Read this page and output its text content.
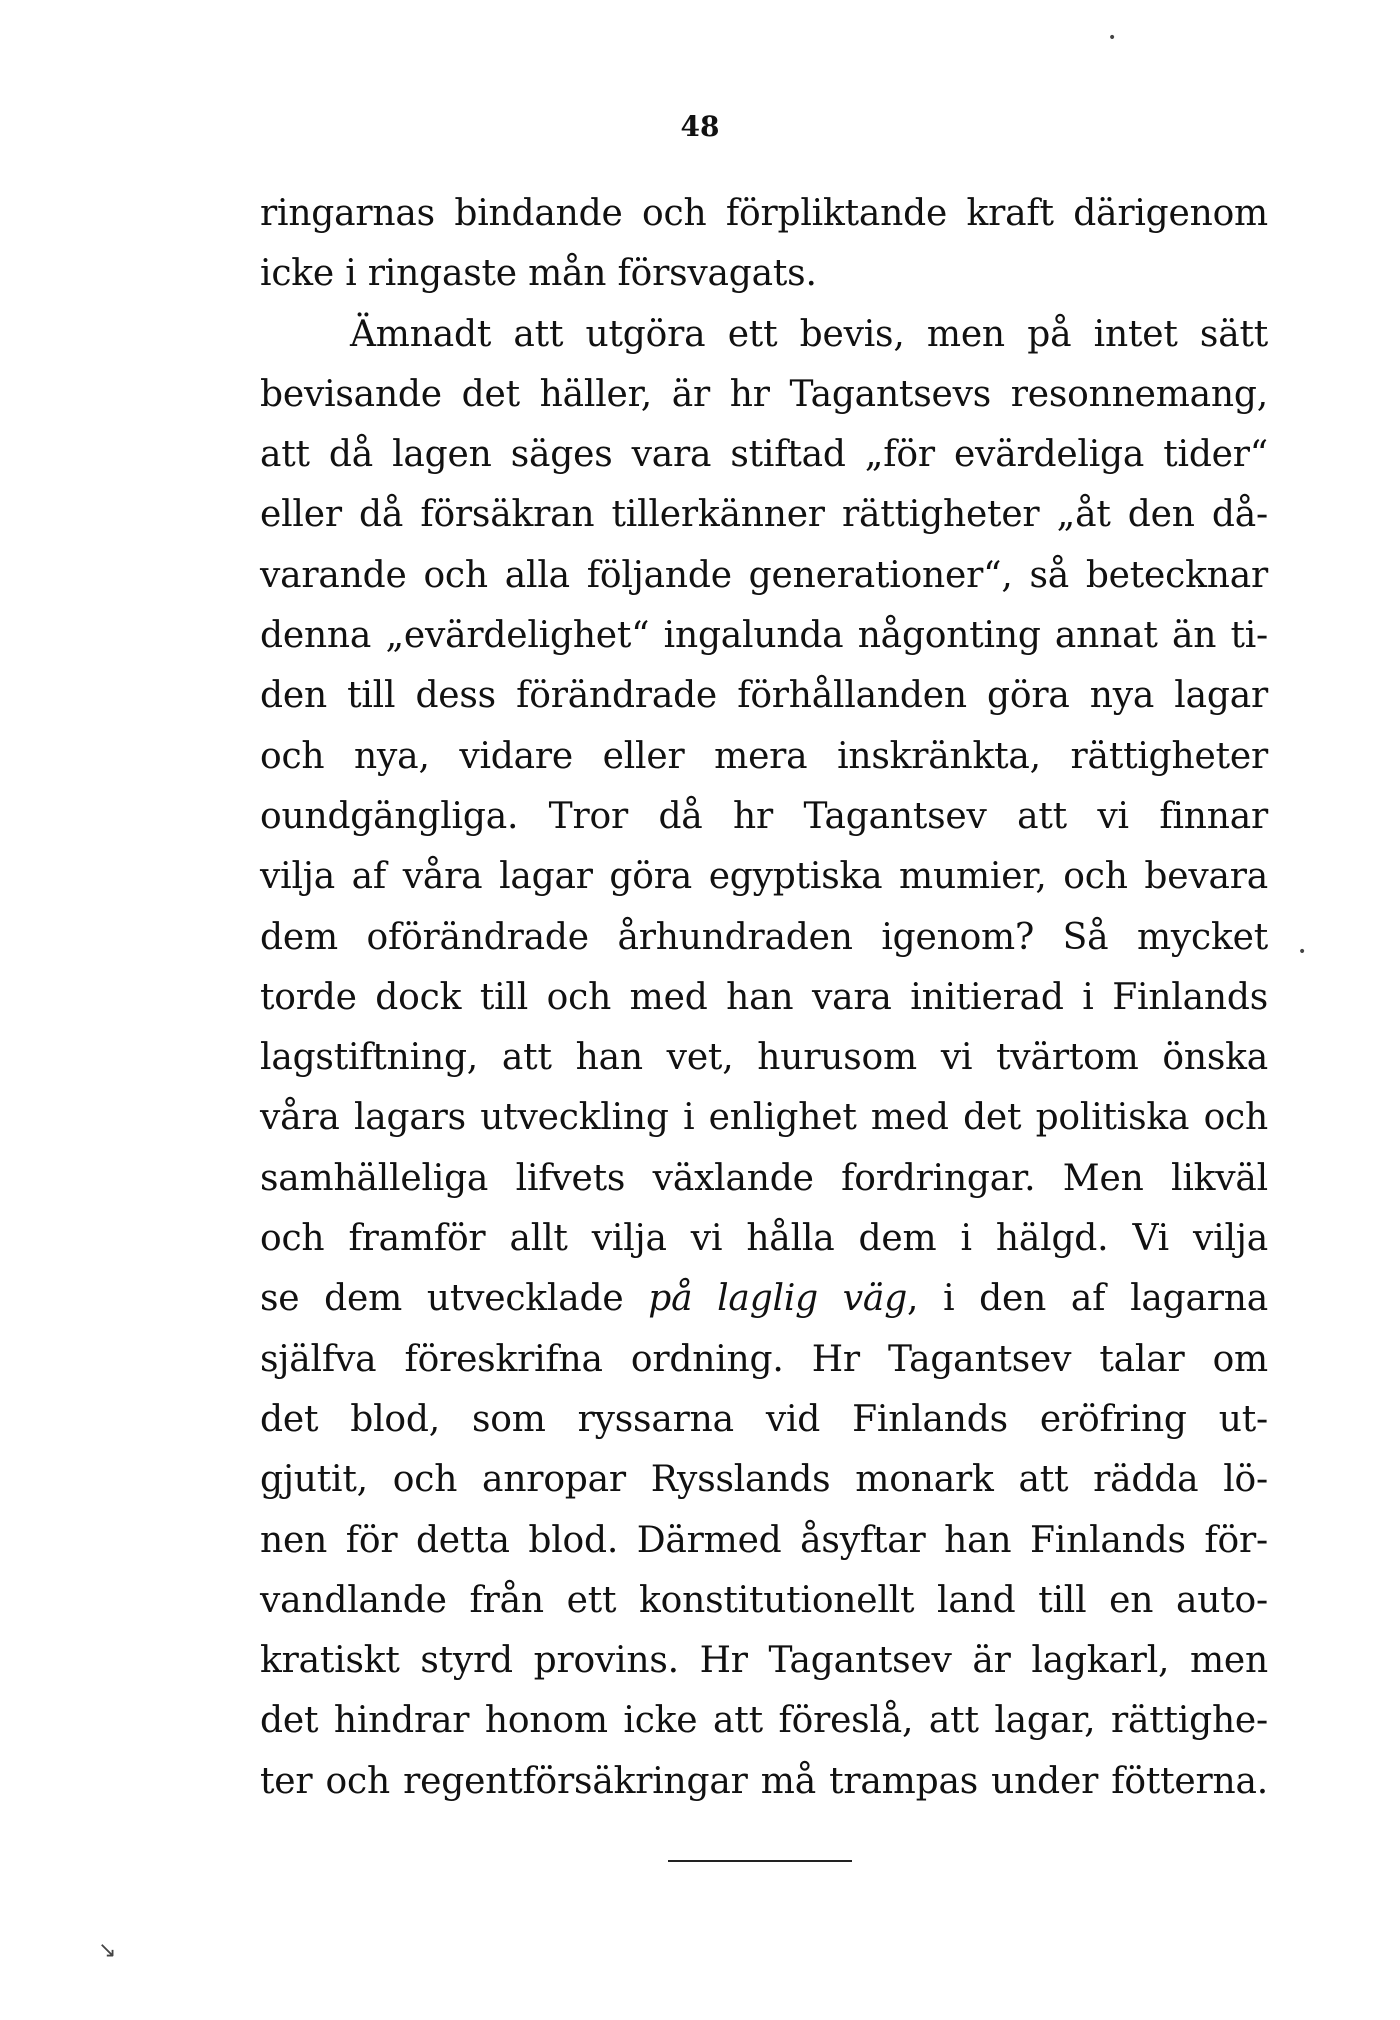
48
ringarnas bindande och förpliktande kraft därigenom
icke i ringaste mån försvagats.
Ämnadt att utgöra ett bevis, men på intet sätt
bevisande det häller, är hr Tagantsevs resonnemang,
att då lagen säges vara stiftad „för evärdeliga tider“
eller då försäkran tillerkänner rättigheter „åt den då-
varande och alla följande generationer“, så betecknar
denna „evärdelighet“ ingalunda någonting annat än ti-
den till dess förändrade förhållanden göra nya lagar
och nya, vidare eller mera inskränkta, rättigheter
oundgängliga. Tror då hr Tagantsev att vi finnar
vilja af våra lagar göra egyptiska mumier, och bevara
dem oförändrade århundraden igenom? Så mycket
torde dock till och med han vara initierad i Finlands
lagstiftning, att han vet, hurusom vi tvärtom önska
våra lagars utveckling i enlighet med det politiska och
samhälleliga lifvets växlande fordringar. Men likväl
och framför allt vilja vi hålla dem i hälgd. Vi vilja
se dem utvecklade på laglig väg, i den af lagarna
själfva föreskrifna ordning. Hr Tagantsev talar om
det blod, som ryssarna vid Finlands eröfring ut-
gjutit, och anropar Rysslands monark att rädda lö-
nen för detta blod. Därmed åsyftar han Finlands för-
vandlande från ett konstitutionellt land till en auto-
kratiskt styrd provins. Hr Tagantsev är lagkarl, men
det hindrar honom icke att föreslå, att lagar, rättighe-
ter och regentförsäkringar må trampas under fötterna.
•
•
↘
